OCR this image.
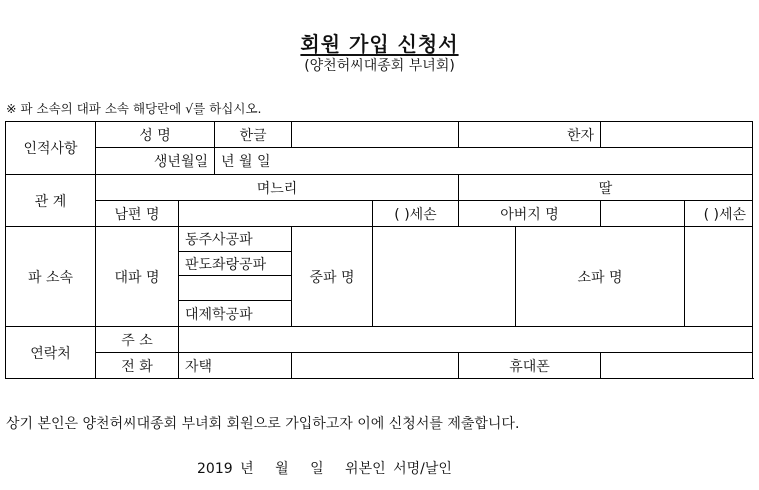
회원 가입 신청서
(양천허씨대종회 부녀회)
※ 파 소속의 대파 소속 해당란에 √를 하십시오.
인적사항	성 명		한글			한자			
	생년월일		년 월 일						
관 계	며느리					딸			
	남편 명				( )세손	아버지 명			( )세손
파 소속	대파 명	동주사공파		중파 명			소파 명		
		판도좌랑공파							

		대제학공파							
연락처	주 소								
	전 화	자택				휴대폰			
상기 본인은 양천허씨대종회 부녀회 회원으로 가입하고자 이에 신청서를 제출합니다.
2019 년 월 일 위본인 서명/날인
